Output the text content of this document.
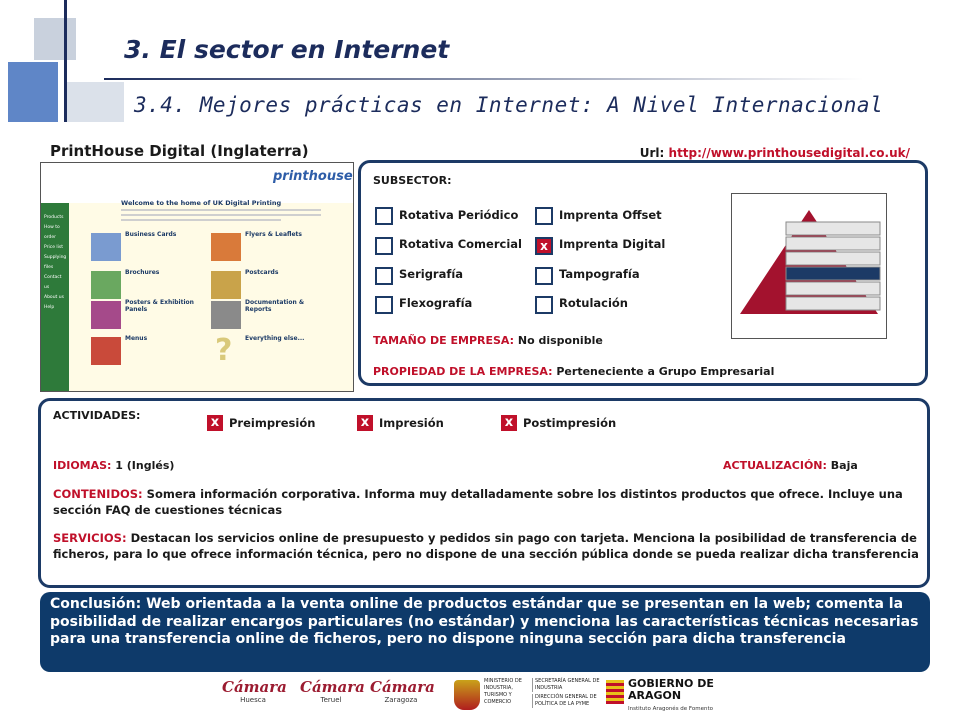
3. El sector en Internet
3.4. Mejores prácticas en Internet: A Nivel Internacional
PrintHouse Digital (Inglaterra)	Url: http://www.printhousedigital.co.uk/
printhouse
Welcome to the home of UK Digital Printing
Products
How to order
Price list
Supplying files
Contact us
About us
Help
Business Cards	Flyers & Leaflets
Brochures	Postcards
Posters & Exhibition Panels
Documentation & Reports
Menus	? Everything else...
SUBSECTOR:
Rotativa Periódico	Imprenta Offset
Rotativa Comercial	x Imprenta Digital
Serigrafía	Tampografía
Flexografía	Rotulación
TAMAÑO DE EMPRESA: No disponible
PROPIEDAD DE LA EMPRESA: Perteneciente a Grupo Empresarial
ACTIVIDADES:	x Preimpresión	x Impresión	x Postimpresión
IDIOMAS: 1 (Inglés)	ACTUALIZACIÓN: Baja
CONTENIDOS: Somera información corporativa. Informa muy detalladamente sobre los distintos productos que ofrece. Incluye una sección FAQ de cuestiones técnicas
SERVICIOS: Destacan los servicios online de presupuesto y pedidos sin pago con tarjeta. Menciona la posibilidad de transferencia de ficheros, para lo que ofrece información técnica, pero no dispone de una sección pública donde se pueda realizar dicha transferencia
Conclusión: Web orientada a la venta online de productos estándar que se presentan en la web; comenta la posibilidad de realizar encargos particulares (no estándar) y menciona las características técnicas necesarias para una transferencia online de ficheros, pero no dispone ninguna sección para dicha transferencia
Cámara
Huesca
Cámara
Teruel
Cámara
Zaragoza
MINISTERIO DE INDUSTRIA, TURISMO Y COMERCIO
SECRETARÍA GENERAL DE INDUSTRIA
DIRECCIÓN GENERAL DE POLÍTICA DE LA PYME
GOBIERNO DE ARAGON
Instituto Aragonés de Fomento
